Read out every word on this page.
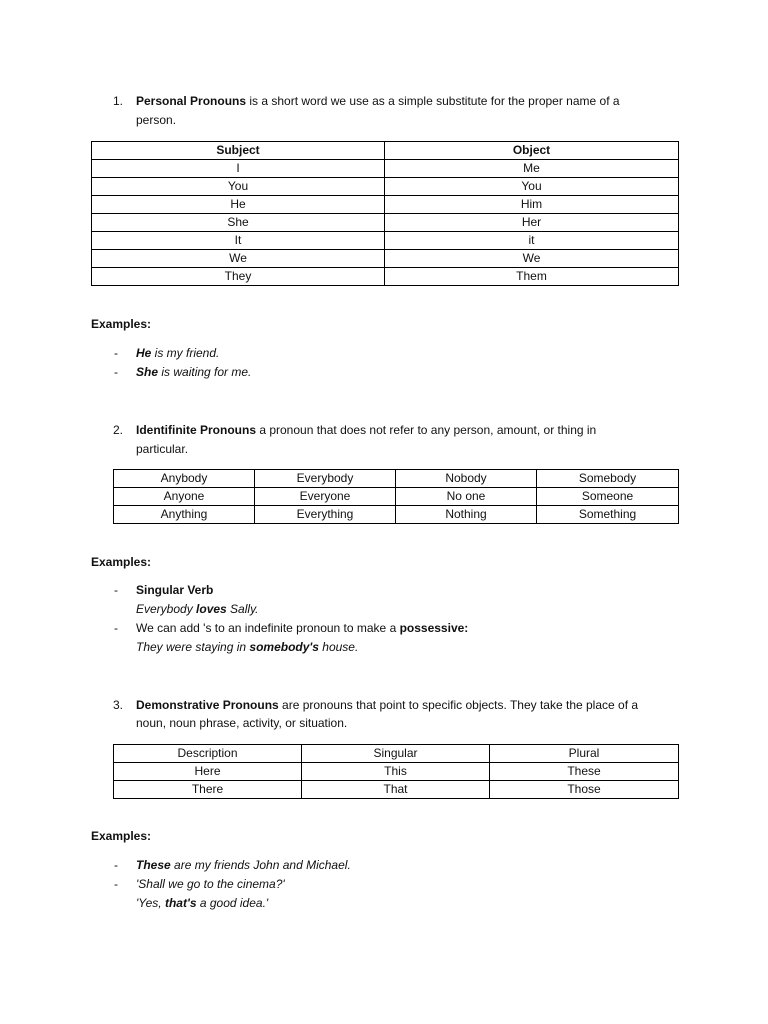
1. Personal Pronouns is a short word we use as a simple substitute for the proper name of a
person.
Subject	Object
I	Me
You	You
He	Him
She	Her
It	it
We	We
They	Them
Examples:
- He is my friend.
- She is waiting for me.
2. Identifinite Pronouns a pronoun that does not refer to any person, amount, or thing in
particular.
Anybody	Everybody	Nobody	Somebody
Anyone	Everyone	No one	Someone
Anything	Everything	Nothing	Something
Examples:
- Singular Verb
Everybody loves Sally.
- We can add 's to an indefinite pronoun to make a possessive:
They were staying in somebody's house.
3. Demonstrative Pronouns are pronouns that point to specific objects. They take the place of a
noun, noun phrase, activity, or situation.
Description	Singular	Plural
Here	This	These
There	That	Those
Examples:
- These are my friends John and Michael.
- 'Shall we go to the cinema?'
'Yes, that's a good idea.'
